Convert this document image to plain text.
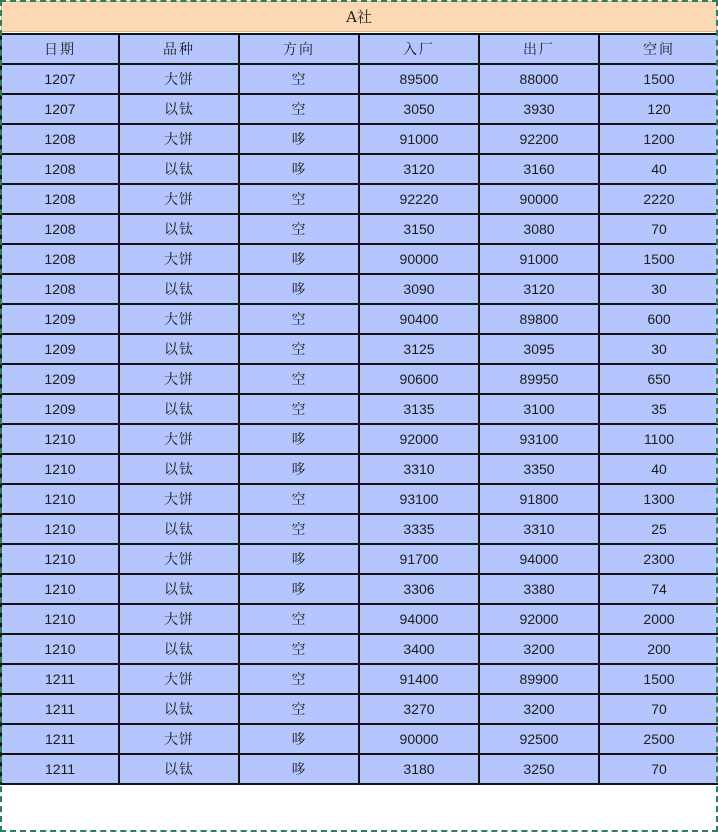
A社
日期	品种	方向	入厂	出厂	空间
1207	大饼	空	89500	88000	1500
1207	以钛	空	3050	3930	120
1208	大饼	哆	91000	92200	1200
1208	以钛	哆	3120	3160	40
1208	大饼	空	92220	90000	2220
1208	以钛	空	3150	3080	70
1208	大饼	哆	90000	91000	1500
1208	以钛	哆	3090	3120	30
1209	大饼	空	90400	89800	600
1209	以钛	空	3125	3095	30
1209	大饼	空	90600	89950	650
1209	以钛	空	3135	3100	35
1210	大饼	哆	92000	93100	1100
1210	以钛	哆	3310	3350	40
1210	大饼	空	93100	91800	1300
1210	以钛	空	3335	3310	25
1210	大饼	哆	91700	94000	2300
1210	以钛	哆	3306	3380	74
1210	大饼	空	94000	92000	2000
1210	以钛	空	3400	3200	200
1211	大饼	空	91400	89900	1500
1211	以钛	空	3270	3200	70
1211	大饼	哆	90000	92500	2500
1211	以钛	哆	3180	3250	70
